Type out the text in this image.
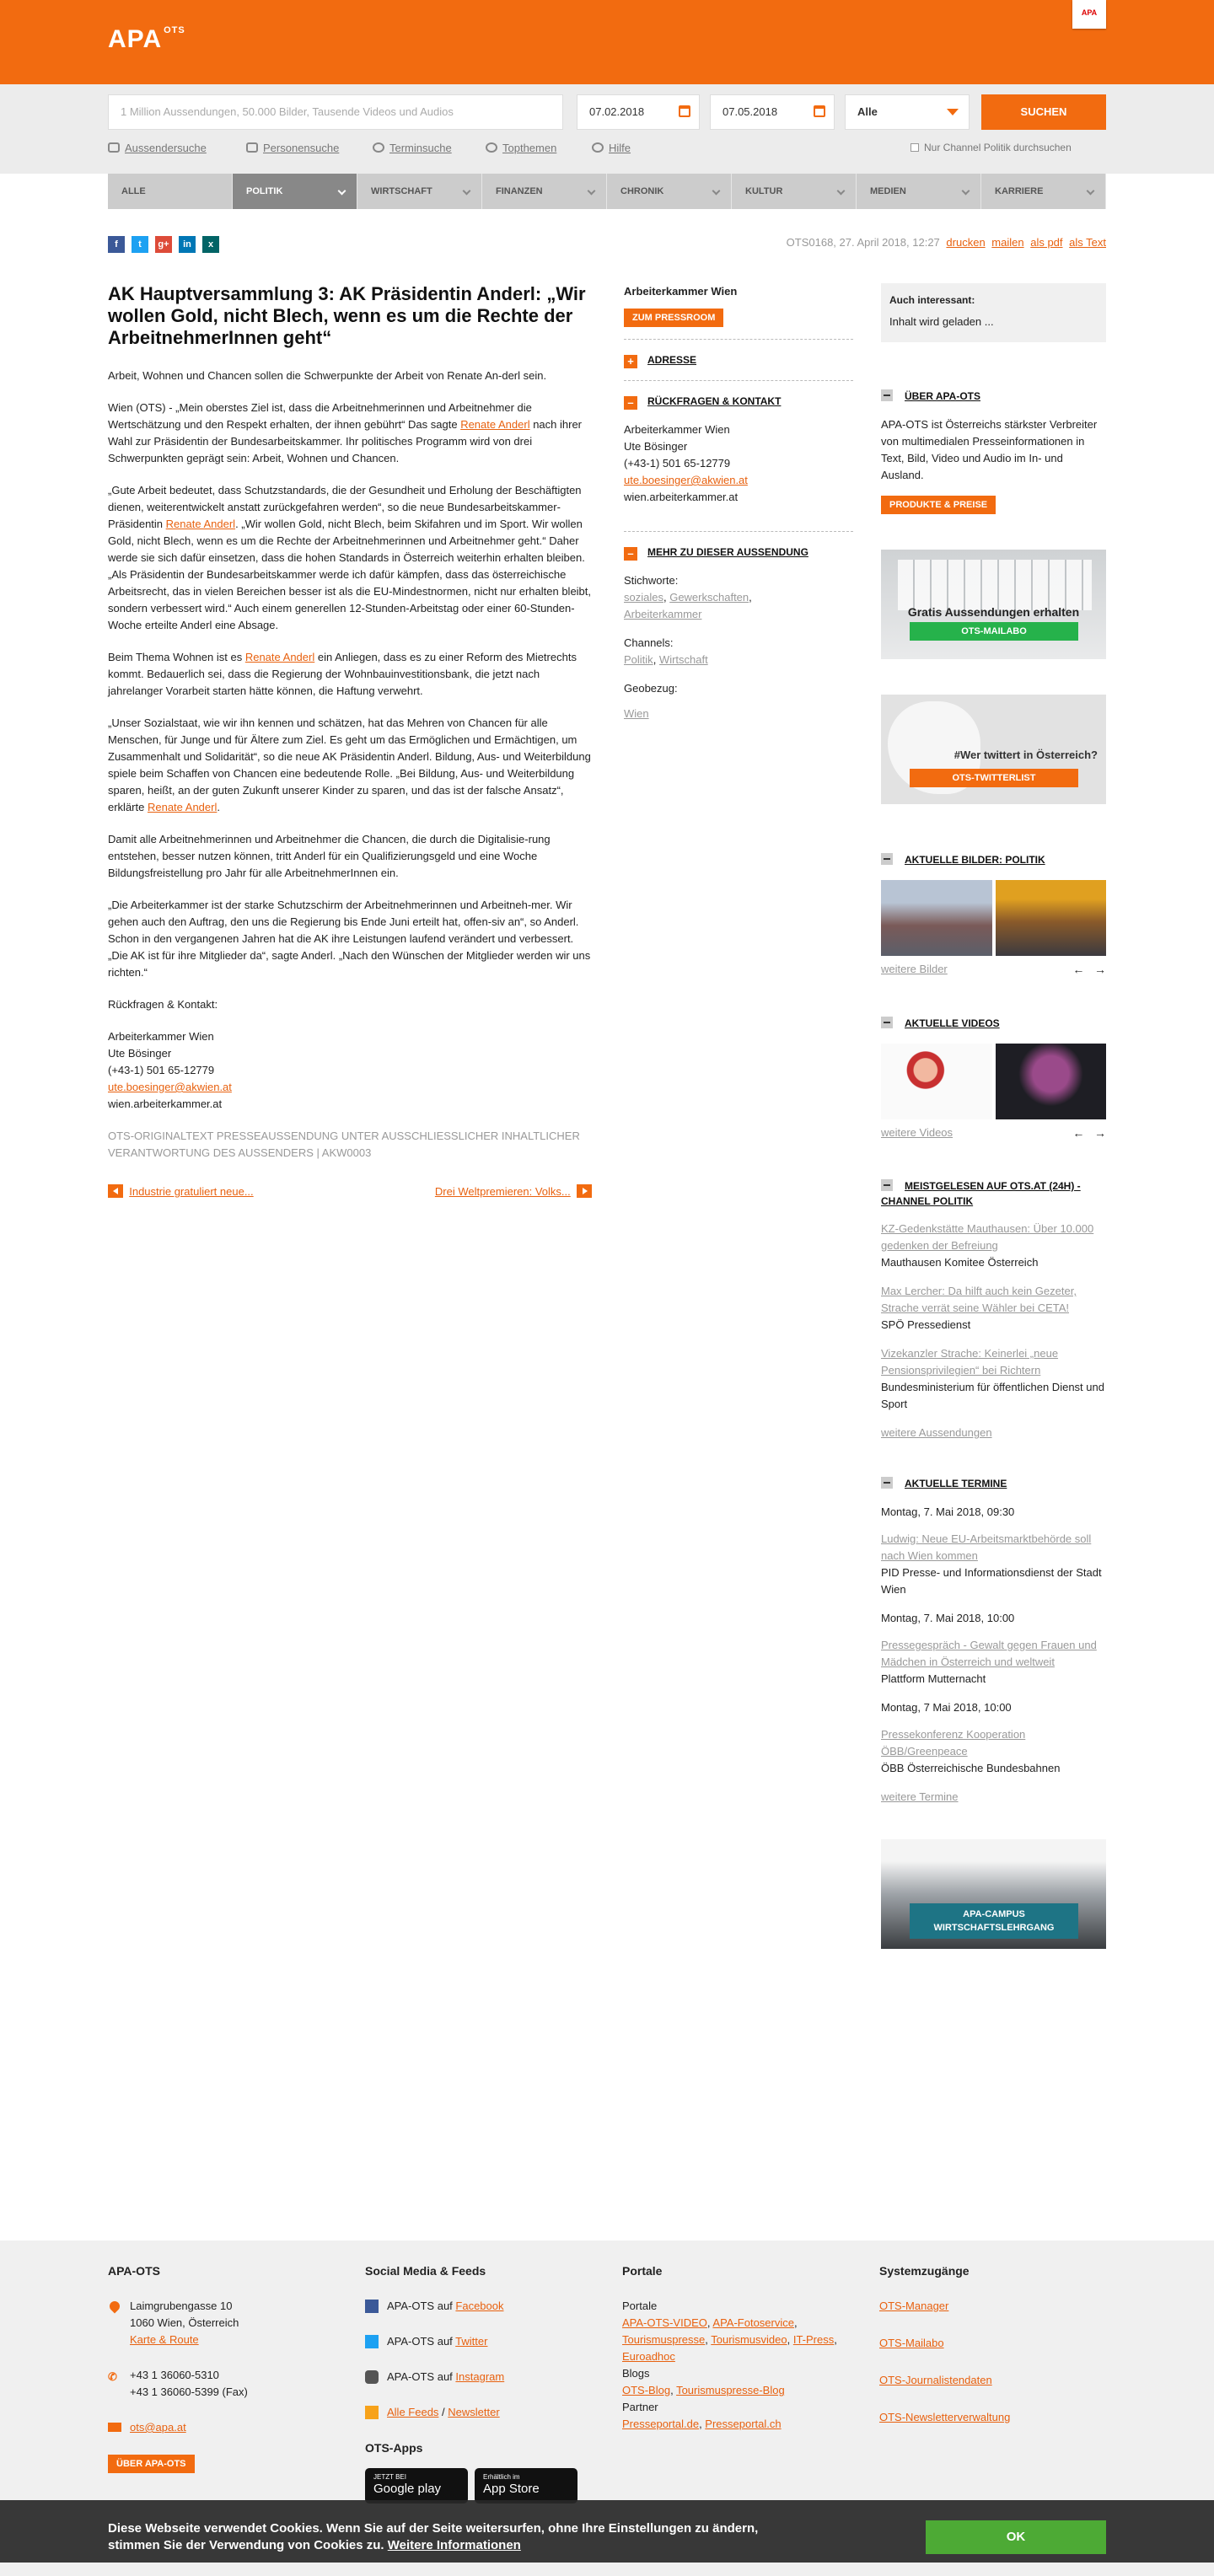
APA $^{OTS}$
APA
1 Million Aussendungen, 50.000 Bilder, Tausende Videos und Audios	07.02.2018	07.05.2018	Alle	SUCHEN
Aussendersuche	Personensuche	Terminsuche	Topthemen	Hilfe	Nur Channel Politik durchsuchen
ALLE	POLITIK	WIRTSCHAFT	FINANZEN	CHRONIK	KULTUR	MEDIEN	KARRIERE
f	t	g+	in	x	OTS0168, 27. April 2018, 12:27 drucken mailen als pdf als Text
AK Hauptversammlung 3: AK Präsidentin Anderl: „Wir wollen Gold, nicht Blech, wenn es um die Rechte der ArbeitnehmerInnen geht“

Arbeit, Wohnen und Chancen sollen die Schwerpunkte der Arbeit von Renate An-derl sein.

Wien (OTS) - „Mein oberstes Ziel ist, dass die Arbeitnehmerinnen und Arbeitnehmer die Wertschätzung und den Respekt erhalten, der ihnen gebührt“ Das sagte Renate Anderl nach ihrer Wahl zur Präsidentin der Bundesarbeitskammer. Ihr politisches Programm wird von drei Schwerpunkten geprägt sein: Arbeit, Wohnen und Chancen.

„Gute Arbeit bedeutet, dass Schutzstandards, die der Gesundheit und Erholung der Beschäftigten dienen, weiterentwickelt anstatt zurückgefahren werden“, so die neue Bundesarbeitskammer-Präsidentin Renate Anderl. „Wir wollen Gold, nicht Blech, beim Skifahren und im Sport. Wir wollen Gold, nicht Blech, wenn es um die Rechte der Arbeitnehmerinnen und Arbeitnehmer geht.“ Daher werde sie sich dafür einsetzen, dass die hohen Standards in Österreich weiterhin erhalten bleiben. „Als Präsidentin der Bundesarbeitskammer werde ich dafür kämpfen, dass das österreichische Arbeitsrecht, das in vielen Bereichen besser ist als die EU-Mindestnormen, nicht nur erhalten bleibt, sondern verbessert wird.“ Auch einem generellen 12-Stunden-Arbeitstag oder einer 60-Stunden-Woche erteilte Anderl eine Absage.

Beim Thema Wohnen ist es Renate Anderl ein Anliegen, dass es zu einer Reform des Mietrechts kommt. Bedauerlich sei, dass die Regierung der Wohnbauinvestitionsbank, die jetzt nach jahrelanger Vorarbeit starten hätte können, die Haftung verwehrt.

„Unser Sozialstaat, wie wir ihn kennen und schätzen, hat das Mehren von Chancen für alle Menschen, für Junge und für Ältere zum Ziel. Es geht um das Ermöglichen und Ermächtigen, um Zusammenhalt und Solidarität“, so die neue AK Präsidentin Anderl. Bildung, Aus- und Weiterbildung spiele beim Schaffen von Chancen eine bedeutende Rolle. „Bei Bildung, Aus- und Weiterbildung sparen, heißt, an der guten Zukunft unserer Kinder zu sparen, und das ist der falsche Ansatz“, erklärte Renate Anderl.

Damit alle Arbeitnehmerinnen und Arbeitnehmer die Chancen, die durch die Digitalisie-rung entstehen, besser nutzen können, tritt Anderl für ein Qualifizierungsgeld und eine Woche Bildungsfreistellung pro Jahr für alle ArbeitnehmerInnen ein.

„Die Arbeiterkammer ist der starke Schutzschirm der Arbeitnehmerinnen und Arbeitneh-mer. Wir gehen auch den Auftrag, den uns die Regierung bis Ende Juni erteilt hat, offen-siv an“, so Anderl. Schon in den vergangenen Jahren hat die AK ihre Leistungen laufend verändert und verbessert. „Die AK ist für ihre Mitglieder da“, sagte Anderl. „Nach den Wünschen der Mitglieder werden wir uns richten.“

Rückfragen & Kontakt:

Arbeiterkammer Wien
Ute Bösinger
(+43-1) 501 65-12779
ute.boesinger@akwien.at
wien.arbeiterkammer.at
OTS-ORIGINALTEXT PRESSEAUSSENDUNG UNTER AUSSCHLIESSLICHER INHALTLICHER VERANTWORTUNG DES AUSSENDERS | AKW0003
Industrie gratuliert neue...	Drei Weltpremieren: Volks...
Arbeiterkammer Wien
ZUM PRESSROOM
+ ADRESSE
– RÜCKFRAGEN & KONTAKT
Arbeiterkammer Wien
Ute Bösinger
(+43-1) 501 65-12779
ute.boesinger@akwien.at
wien.arbeiterkammer.at
– MEHR ZU DIESER AUSSENDUNG
Stichworte:
soziales, Gewerkschaften,
Arbeiterkammer
Channels:
Politik, Wirtschaft
Geobezug:
Wien
Auch interessant:
Inhalt wird geladen ...
ÜBER APA-OTS
APA-OTS ist Österreichs stärkster Verbreiter von multimedialen Presseinformationen in Text, Bild, Video und Audio im In- und Ausland.
PRODUKTE & PREISE
Gratis Aussendungen erhalten
OTS-MAILABO
#Wer twittert in Österreich?
OTS-TWITTERLIST
AKTUELLE BILDER: POLITIK
weitere Bilder	←   →
AKTUELLE VIDEOS
weitere Videos	←   →
MEISTGELESEN AUF OTS.AT (24H) - CHANNEL POLITIK
KZ-Gedenkstätte Mauthausen: Über 10.000 gedenken der Befreiung
Mauthausen Komitee Österreich
Max Lercher: Da hilft auch kein Gezeter, Strache verrät seine Wähler bei CETA!
SPÖ Pressedienst
Vizekanzler Strache: Keinerlei „neue Pensionsprivilegien“ bei Richtern
Bundesministerium für öffentlichen Dienst und Sport
weitere Aussendungen
AKTUELLE TERMINE
Montag, 7. Mai 2018, 09:30
Ludwig: Neue EU-Arbeitsmarktbehörde soll nach Wien kommen
PID Presse- und Informationsdienst der Stadt Wien
Montag, 7. Mai 2018, 10:00
Pressegespräch - Gewalt gegen Frauen und Mädchen in Österreich und weltweit
Plattform Mutternacht
Montag, 7 Mai 2018, 10:00
Pressekonferenz Kooperation ÖBB/Greenpeace
ÖBB Österreichische Bundesbahnen
weitere Termine
APA-CAMPUS
WIRTSCHAFTSLEHRGANG
APA-OTS
Laimgrubengasse 10
1060 Wien, Österreich
Karte & Route
✆	+43 1 36060-5310
+43 1 36060-5399 (Fax)
ots@apa.at
ÜBER APA-OTS
Social Media & Feeds
APA-OTS auf Facebook
APA-OTS auf Twitter
APA-OTS auf Instagram
Alle Feeds / Newsletter
OTS-Apps
JETZT BEI
Google play
Erhältlich im
App Store
Portale
Portale
APA-OTS-VIDEO, APA-Fotoservice, Tourismuspresse, Tourismusvideo, IT-Press, Euroadhoc
Blogs
OTS-Blog, Tourismuspresse-Blog
Partner
Presseportal.de, Presseportal.ch
Systemzugänge
OTS-Manager
OTS-Mailabo
OTS-Journalistendaten
OTS-Newsletterverwaltung
Diese Webseite verwendet Cookies. Wenn Sie auf der Seite weitersurfen, ohne Ihre Einstellungen zu ändern,
stimmen Sie der Verwendung von Cookies zu. Weitere Informationen
OK
